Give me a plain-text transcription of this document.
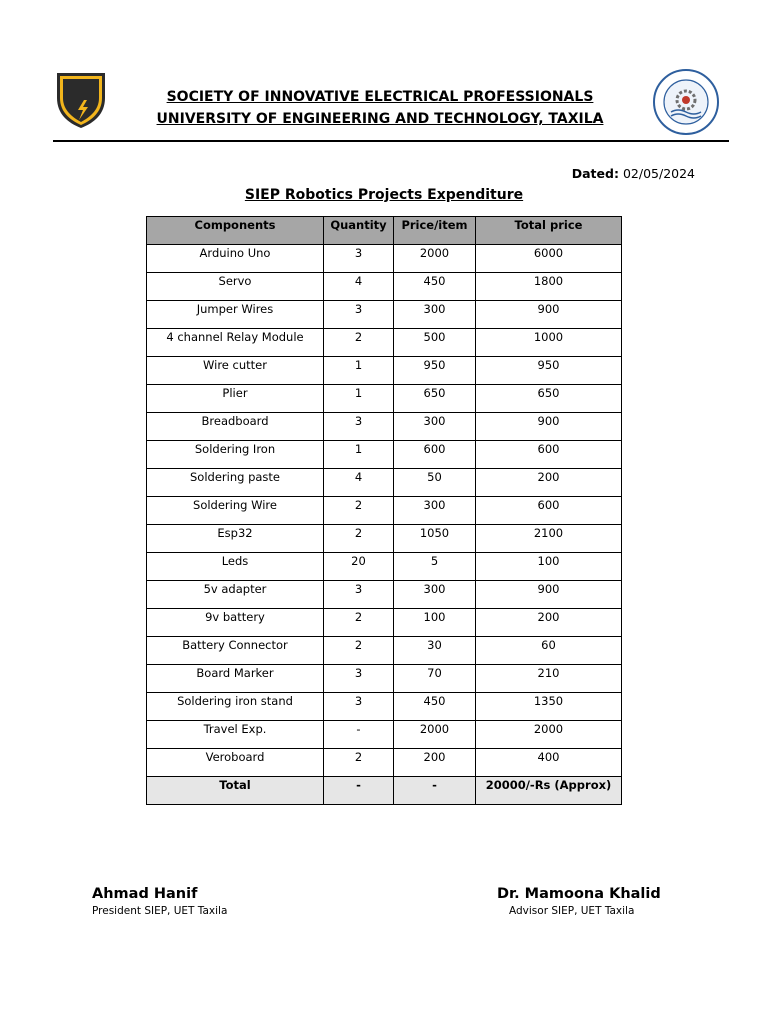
SOCIETY OF INNOVATIVE ELECTRICAL PROFESSIONALS
UNIVERSITY OF ENGINEERING AND TECHNOLOGY, TAXILA
Dated: 02/05/2024
SIEP Robotics Projects Expenditure
Components	Quantity	Price/item	Total price
Arduino Uno	3	2000	6000
Servo	4	450	1800
Jumper Wires	3	300	900
4 channel Relay Module	2	500	1000
Wire cutter	1	950	950
Plier	1	650	650
Breadboard	3	300	900
Soldering Iron	1	600	600
Soldering paste	4	50	200
Soldering Wire	2	300	600
Esp32	2	1050	2100
Leds	20	5	100
5v adapter	3	300	900
9v battery	2	100	200
Battery Connector	2	30	60
Board Marker	3	70	210
Soldering iron stand	3	450	1350
Travel Exp.	-	2000	2000
Veroboard	2	200	400
Total	-	-	20000/-Rs (Approx)
Ahmad Hanif
President SIEP, UET Taxila
Dr. Mamoona Khalid
Advisor SIEP, UET Taxila
